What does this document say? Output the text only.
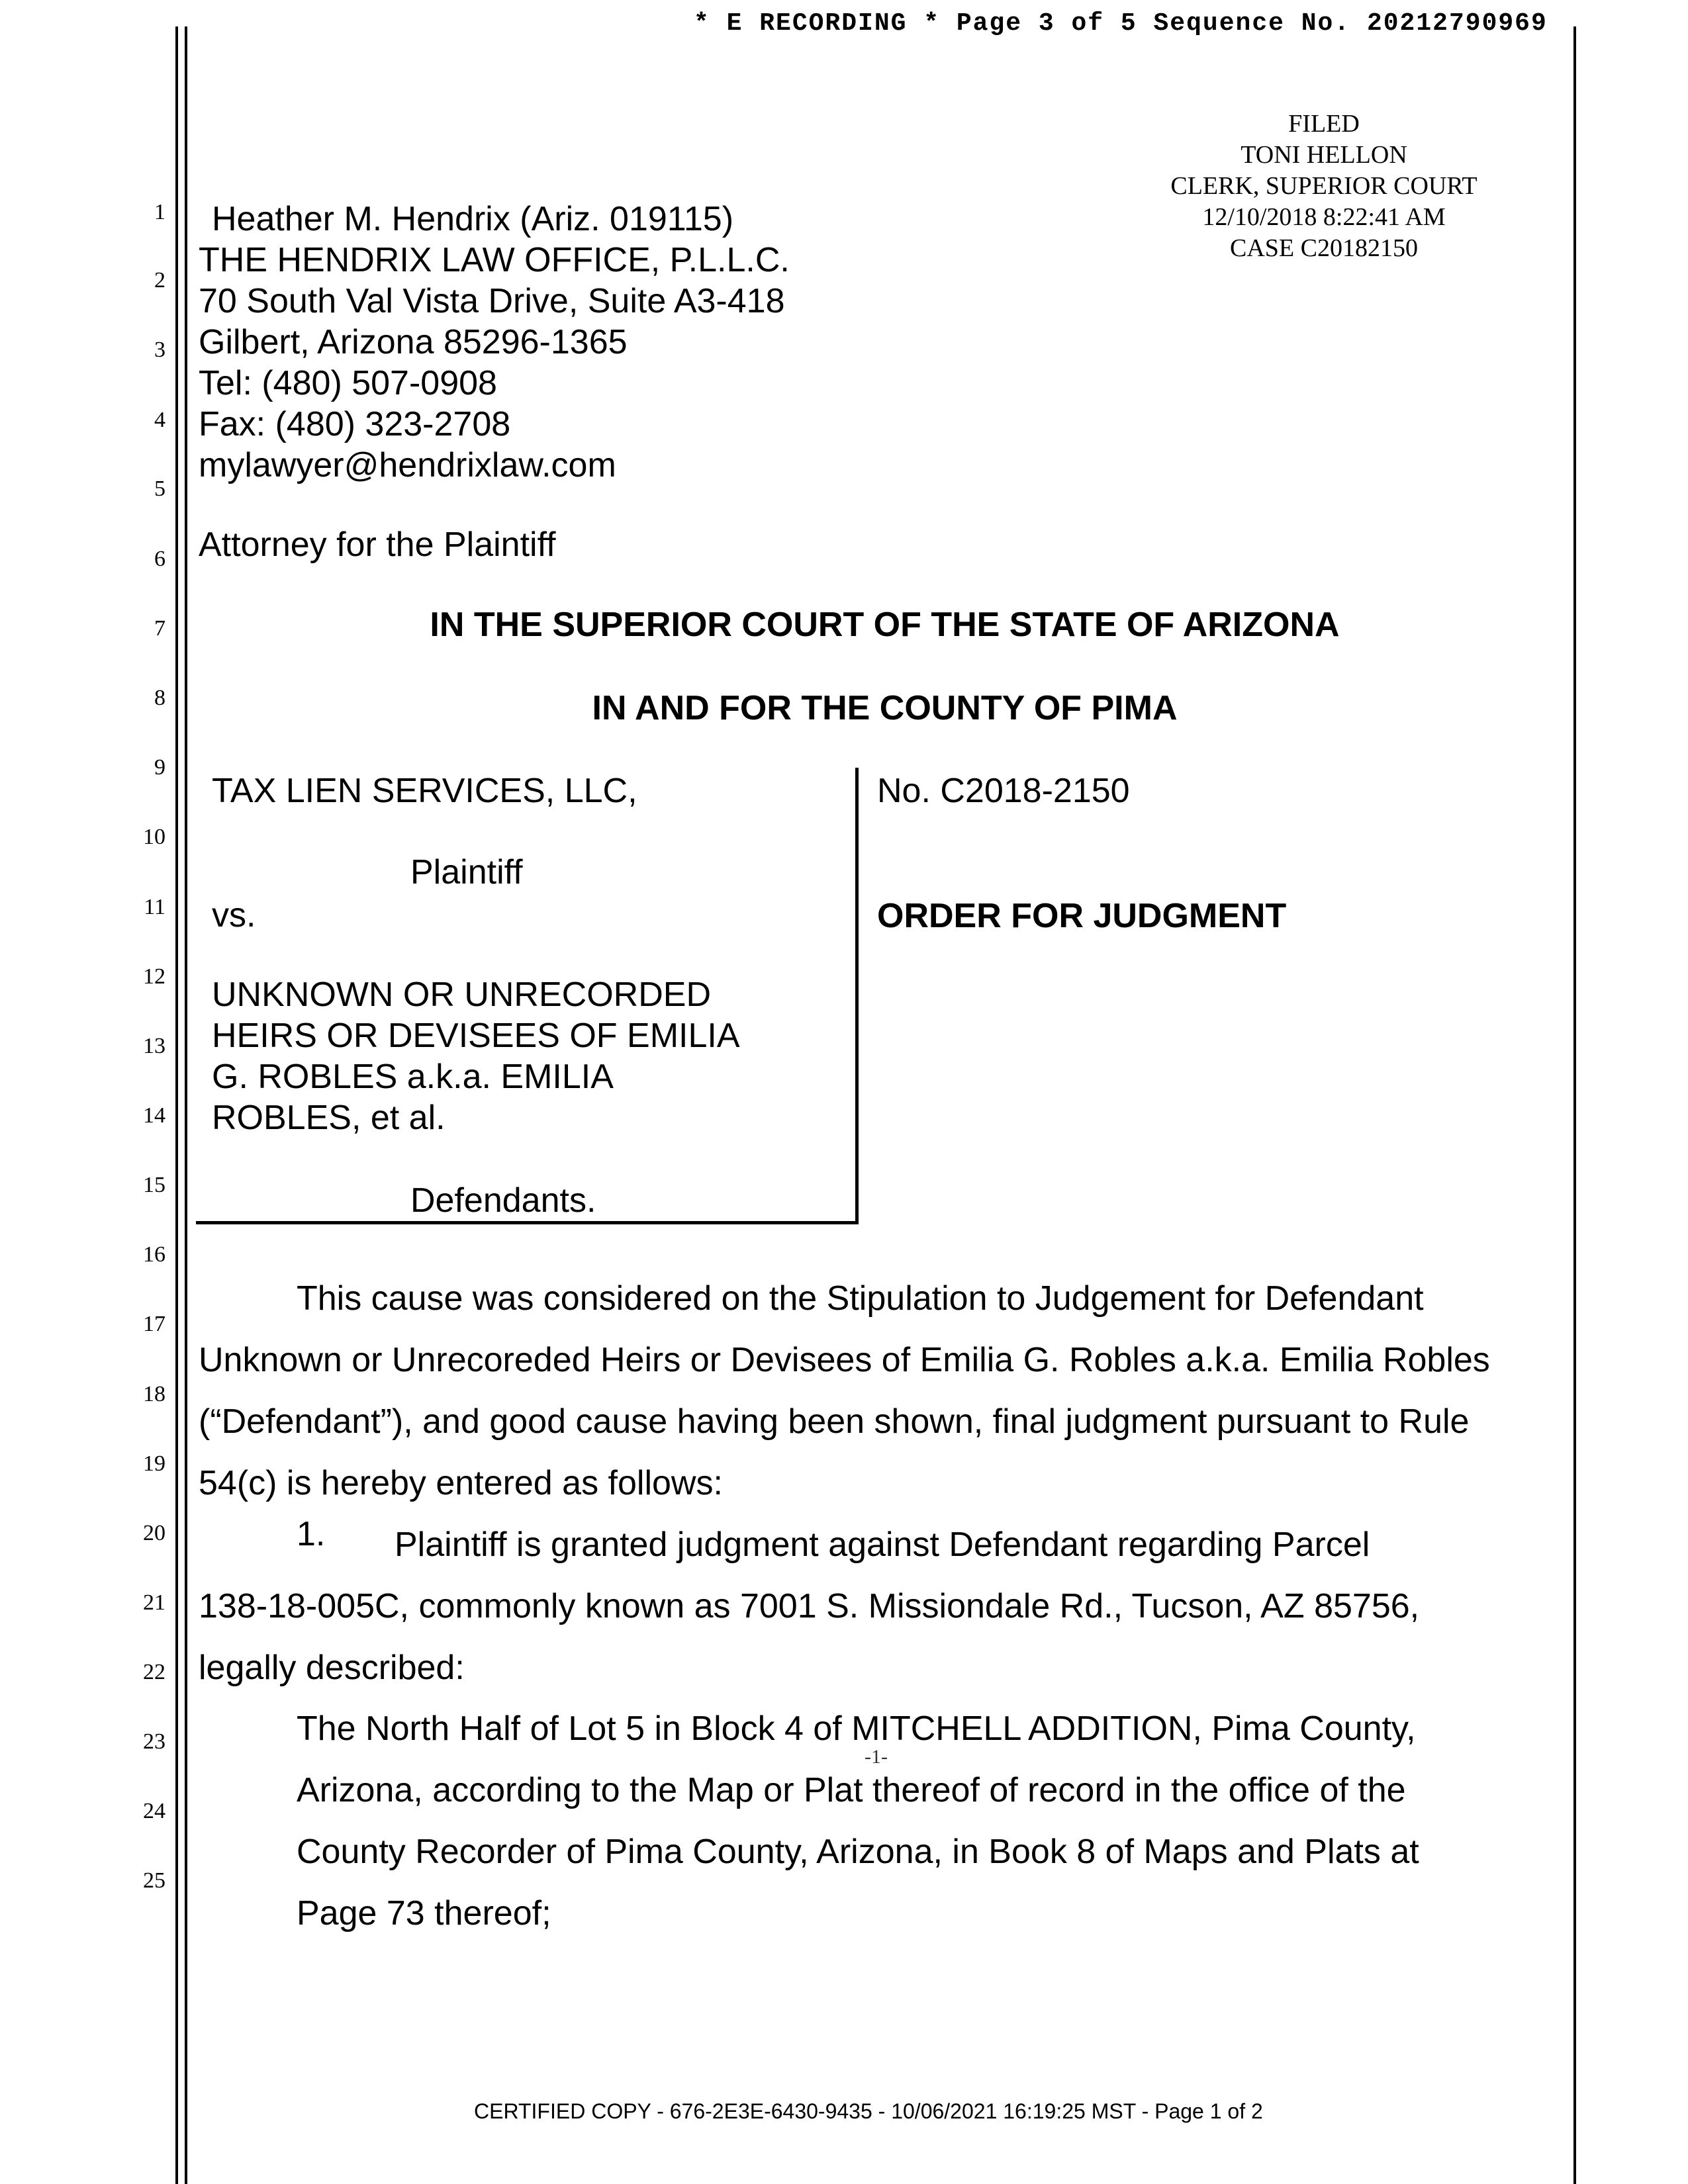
* E RECORDING * Page 3 of 5 Sequence No. 20212790969
FILED
TONI HELLON
CLERK, SUPERIOR COURT
12/10/2018 8:22:41 AM
CASE C20182150
1
2
3
4
5
6
7
8
9
10
11
12
13
14
15
16
17
18
19
20
21
22
23
24
25
Heather M. Hendrix (Ariz. 019115)
THE HENDRIX LAW OFFICE, P.L.L.C.
70 South Val Vista Drive, Suite A3-418
Gilbert, Arizona 85296-1365
Tel: (480) 507-0908
Fax: (480) 323-2708
mylawyer@hendrixlaw.com
Attorney for the Plaintiff
IN THE SUPERIOR COURT OF THE STATE OF ARIZONA
IN AND FOR THE COUNTY OF PIMA
TAX LIEN SERVICES, LLC,
Plaintiff
vs.
UNKNOWN OR UNRECORDED
HEIRS OR DEVISEES OF EMILIA
G. ROBLES a.k.a. EMILIA
ROBLES, et al.
Defendants.
No. C2018-2150
ORDER FOR JUDGMENT
This cause was considered on the Stipulation to Judgement for Defendant
Unknown or Unrecoreded Heirs or Devisees of Emilia G. Robles a.k.a. Emilia Robles
(“Defendant”), and good cause having been shown, final judgment pursuant to Rule
54(c) is hereby entered as follows:
1.	Plaintiff is granted judgment against Defendant regarding Parcel
138-18-005C, commonly known as 7001 S. Missiondale Rd., Tucson, AZ 85756,
legally described:
The North Half of Lot 5 in Block 4 of MITCHELL ADDITION, Pima County,
Arizona, according to the Map or Plat thereof of record in the office of the
County Recorder of Pima County, Arizona, in Book 8 of Maps and Plats at
Page 73 thereof;
-1-
CERTIFIED COPY - 676-2E3E-6430-9435 - 10/06/2021 16:19:25 MST - Page 1 of 2
